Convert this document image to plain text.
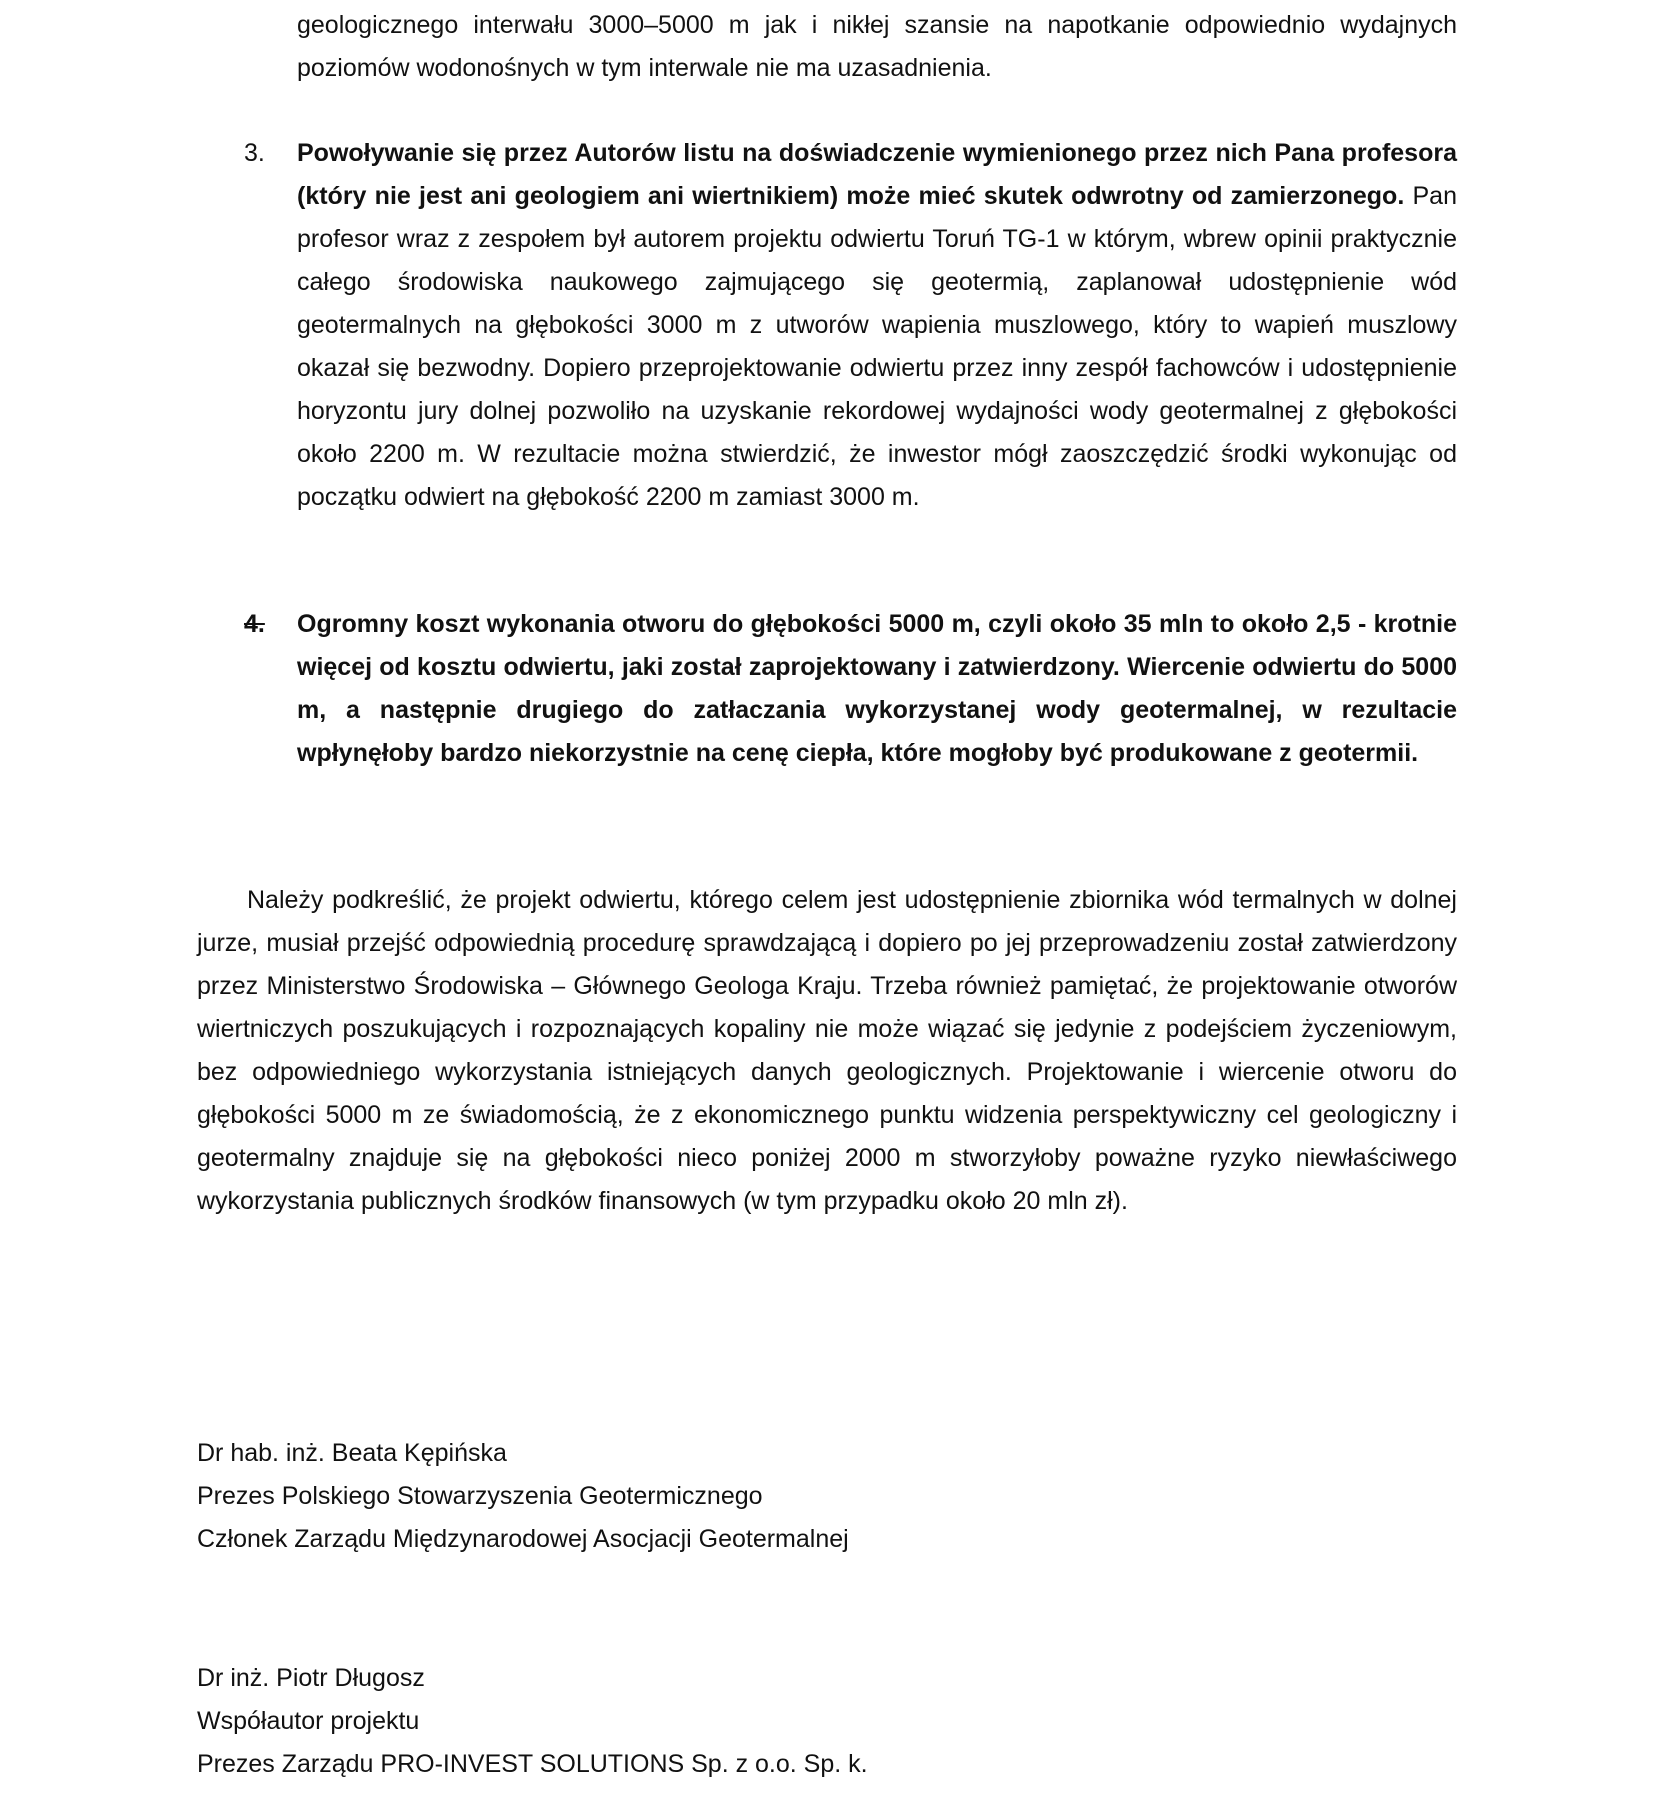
geologicznego interwału 3000–5000 m jak i nikłej szansie na napotkanie odpowiednio wydajnych poziomów wodonośnych w tym interwale nie ma uzasadnienia.
3.	Powoływanie się przez Autorów listu na doświadczenie wymienionego przez nich Pana profesora (który nie jest ani geologiem ani wiertnikiem) może mieć skutek odwrotny od zamierzonego. Pan profesor wraz z zespołem był autorem projektu odwiertu Toruń TG-1 w którym, wbrew opinii praktycznie całego środowiska naukowego zajmującego się geotermią, zaplanował udostępnienie wód geotermalnych na głębokości 3000 m z utworów wapienia muszlowego, który to wapień muszlowy okazał się bezwodny. Dopiero przeprojektowanie odwiertu przez inny zespół fachowców i udostępnienie horyzontu jury dolnej pozwoliło na uzyskanie rekordowej wydajności wody geotermalnej z głębokości około 2200 m. W rezultacie można stwierdzić, że inwestor mógł zaoszczędzić środki wykonując od początku odwiert na głębokość 2200 m zamiast 3000 m.
4.	Ogromny koszt wykonania otworu do głębokości 5000 m, czyli około 35 mln to około 2,5 - krotnie więcej od kosztu odwiertu, jaki został zaprojektowany i zatwierdzony. Wiercenie odwiertu do 5000 m, a następnie drugiego do zatłaczania wykorzystanej wody geotermalnej, w rezultacie wpłynęłoby bardzo niekorzystnie na cenę ciepła, które mogłoby być produkowane z geotermii.
Należy podkreślić, że projekt odwiertu, którego celem jest udostępnienie zbiornika wód termalnych w dolnej jurze, musiał przejść odpowiednią procedurę sprawdzającą i dopiero po jej przeprowadzeniu został zatwierdzony przez Ministerstwo Środowiska – Głównego Geologa Kraju. Trzeba również pamiętać, że projektowanie otworów wiertniczych poszukujących i rozpoznających kopaliny nie może wiązać się jedynie z podejściem życzeniowym, bez odpowiedniego wykorzystania istniejących danych geologicznych. Projektowanie i wiercenie otworu do głębokości 5000 m ze świadomością, że z ekonomicznego punktu widzenia perspektywiczny cel geologiczny i geotermalny znajduje się na głębokości nieco poniżej 2000 m stworzyłoby poważne ryzyko niewłaściwego wykorzystania publicznych środków finansowych (w tym przypadku około 20 mln zł).
Dr hab. inż. Beata Kępińska
Prezes Polskiego Stowarzyszenia Geotermicznego
Członek Zarządu Międzynarodowej Asocjacji Geotermalnej
Dr inż. Piotr Długosz
Współautor projektu
Prezes Zarządu PRO-INVEST SOLUTIONS Sp. z o.o. Sp. k.
